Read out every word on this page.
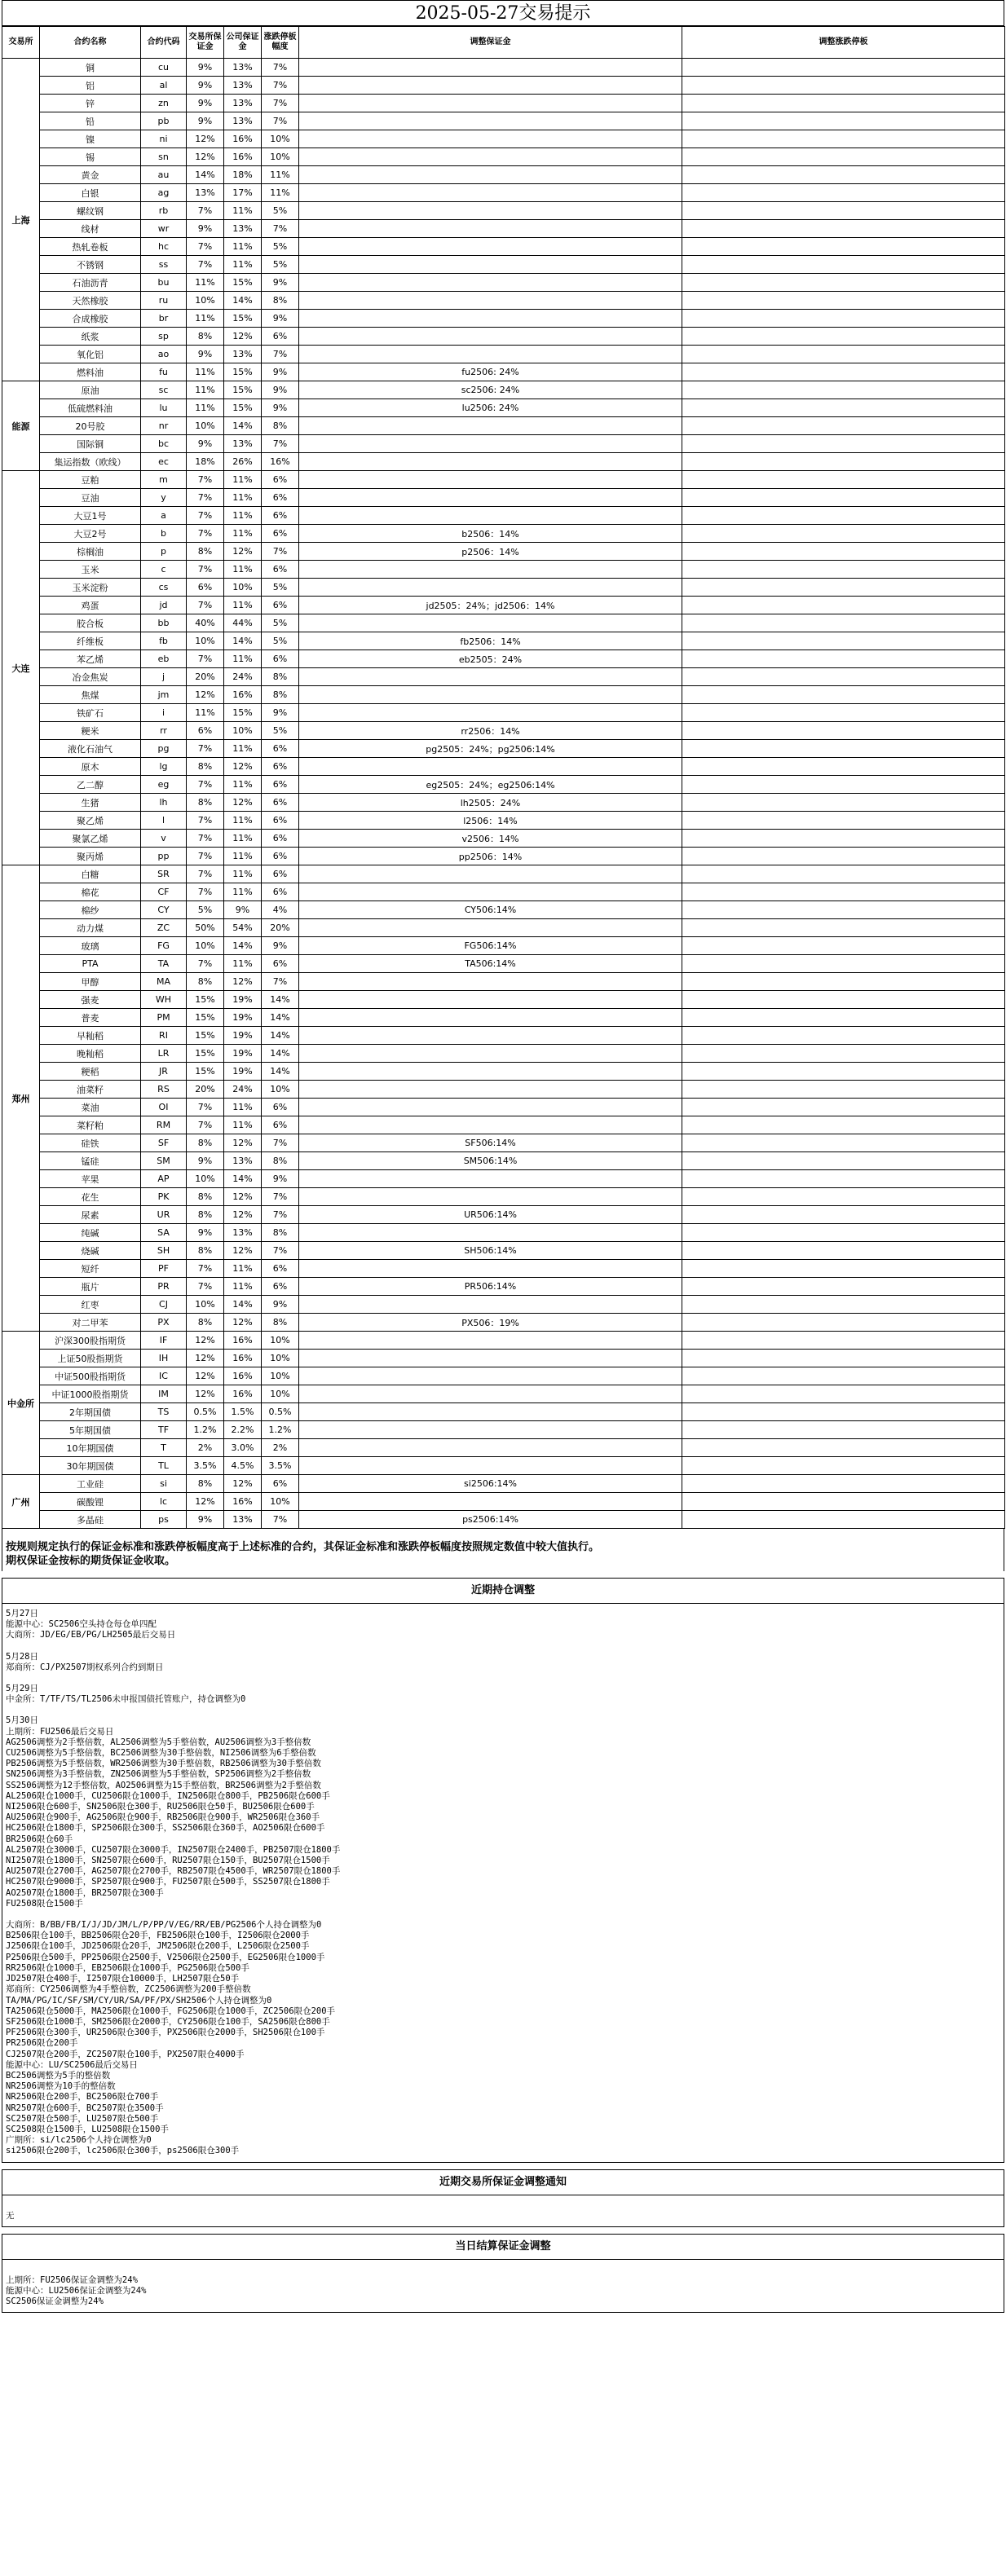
2025-05-27交易提示
交易所	合约名称	合约代码	交易所保证金	公司保证金	涨跌停板幅度	调整保证金	调整涨跌停板
上海	铜	cu	9%	13%	7%		
	铝	al	9%	13%	7%		
	锌	zn	9%	13%	7%		
	铅	pb	9%	13%	7%		
	镍	ni	12%	16%	10%		
	锡	sn	12%	16%	10%		
	黄金	au	14%	18%	11%		
	白银	ag	13%	17%	11%		
	螺纹钢	rb	7%	11%	5%		
	线材	wr	9%	13%	7%		
	热轧卷板	hc	7%	11%	5%		
	不锈钢	ss	7%	11%	5%		
	石油沥青	bu	11%	15%	9%		
	天然橡胶	ru	10%	14%	8%		
	合成橡胶	br	11%	15%	9%		
	纸浆	sp	8%	12%	6%		
	氧化铝	ao	9%	13%	7%		
	燃料油	fu	11%	15%	9%	fu2506: 24%	
能源	原油	sc	11%	15%	9%	sc2506: 24%	
	低硫燃料油	lu	11%	15%	9%	lu2506: 24%	
	20号胶	nr	10%	14%	8%		
	国际铜	bc	9%	13%	7%		
	集运指数（欧线）	ec	18%	26%	16%		
大连	豆粕	m	7%	11%	6%		
	豆油	y	7%	11%	6%		
	大豆1号	a	7%	11%	6%		
	大豆2号	b	7%	11%	6%	b2506：14%	
	棕榈油	p	8%	12%	7%	p2506：14%	
	玉米	c	7%	11%	6%		
	玉米淀粉	cs	6%	10%	5%		
	鸡蛋	jd	7%	11%	6%	jd2505：24%；jd2506：14%	
	胶合板	bb	40%	44%	5%		
	纤维板	fb	10%	14%	5%	fb2506：14%	
	苯乙烯	eb	7%	11%	6%	eb2505：24%	
	冶金焦炭	j	20%	24%	8%		
	焦煤	jm	12%	16%	8%		
	铁矿石	i	11%	15%	9%		
	粳米	rr	6%	10%	5%	rr2506：14%	
	液化石油气	pg	7%	11%	6%	pg2505：24%；pg2506:14%	
	原木	lg	8%	12%	6%		
	乙二醇	eg	7%	11%	6%	eg2505：24%；eg2506:14%	
	生猪	lh	8%	12%	6%	lh2505：24%	
	聚乙烯	l	7%	11%	6%	l2506：14%	
	聚氯乙烯	v	7%	11%	6%	v2506：14%	
	聚丙烯	pp	7%	11%	6%	pp2506：14%	
郑州	白糖	SR	7%	11%	6%		
	棉花	CF	7%	11%	6%		
	棉纱	CY	5%	9%	4%	CY506:14%	
	动力煤	ZC	50%	54%	20%		
	玻璃	FG	10%	14%	9%	FG506:14%	
	PTA	TA	7%	11%	6%	TA506:14%	
	甲醇	MA	8%	12%	7%		
	强麦	WH	15%	19%	14%		
	普麦	PM	15%	19%	14%		
	早籼稻	RI	15%	19%	14%		
	晚籼稻	LR	15%	19%	14%		
	粳稻	JR	15%	19%	14%		
	油菜籽	RS	20%	24%	10%		
	菜油	OI	7%	11%	6%		
	菜籽粕	RM	7%	11%	6%		
	硅铁	SF	8%	12%	7%	SF506:14%	
	锰硅	SM	9%	13%	8%	SM506:14%	
	苹果	AP	10%	14%	9%		
	花生	PK	8%	12%	7%		
	尿素	UR	8%	12%	7%	UR506:14%	
	纯碱	SA	9%	13%	8%		
	烧碱	SH	8%	12%	7%	SH506:14%	
	短纤	PF	7%	11%	6%		
	瓶片	PR	7%	11%	6%	PR506:14%	
	红枣	CJ	10%	14%	9%		
	对二甲苯	PX	8%	12%	8%	PX506：19%	
中金所	沪深300股指期货	IF	12%	16%	10%		
	上证50股指期货	IH	12%	16%	10%		
	中证500股指期货	IC	12%	16%	10%		
	中证1000股指期货	IM	12%	16%	10%		
	2年期国债	TS	0.5%	1.5%	0.5%		
	5年期国债	TF	1.2%	2.2%	1.2%		
	10年期国债	T	2%	3.0%	2%		
	30年期国债	TL	3.5%	4.5%	3.5%		
广州	工业硅	si	8%	12%	6%	si2506:14%	
	碳酸锂	lc	12%	16%	10%		
	多晶硅	ps	9%	13%	7%	ps2506:14%	
按规则规定执行的保证金标准和涨跌停板幅度高于上述标准的合约，其保证金标准和涨跌停板幅度按照规定数值中较大值执行。
期权保证金按标的期货保证金收取。
近期持仓调整
5月27日
能源中心：SC2506空头持仓每仓单四配
大商所：JD/EG/EB/PG/LH2505最后交易日
5月28日
郑商所：CJ/PX2507期权系列合约到期日
5月29日
中金所：T/TF/TS/TL2506未申报国债托管账户，持仓调整为0
5月30日
上期所：FU2506最后交易日
AG2506调整为2手整倍数，AL2506调整为5手整倍数，AU2506调整为3手整倍数
CU2506调整为5手整倍数，BC2506调整为30手整倍数，NI2506调整为6手整倍数
PB2506调整为5手整倍数，WR2506调整为30手整倍数，RB2506调整为30手整倍数
SN2506调整为3手整倍数，ZN2506调整为5手整倍数，SP2506调整为2手整倍数
SS2506调整为12手整倍数，AO2506调整为15手整倍数，BR2506调整为2手整倍数
AL2506限仓1000手，CU2506限仓1000手，IN2506限仓800手，PB2506限仓600手
NI2506限仓600手，SN2506限仓300手，RU2506限仓50手，BU2506限仓600手
AU2506限仓900手，AG2506限仓900手，RB2506限仓900手，WR2506限仓360手
HC2506限仓1800手，SP2506限仓300手，SS2506限仓360手，AO2506限仓600手
BR2506限仓60手
AL2507限仓3000手，CU2507限仓3000手，IN2507限仓2400手，PB2507限仓1800手
NI2507限仓1800手，SN2507限仓600手，RU2507限仓150手，BU2507限仓1500手
AU2507限仓2700手，AG2507限仓2700手，RB2507限仓4500手，WR2507限仓1800手
HC2507限仓9000手，SP2507限仓900手，FU2507限仓500手，SS2507限仓1800手
AO2507限仓1800手，BR2507限仓300手
FU2508限仓1500手
大商所：B/BB/FB/I/J/JD/JM/L/P/PP/V/EG/RR/EB/PG2506个人持仓调整为0
B2506限仓100手，BB2506限仓20手，FB2506限仓100手，I2506限仓2000手
J2506限仓100手，JD2506限仓20手，JM2506限仓200手，L2506限仓2500手
P2506限仓500手，PP2506限仓2500手，V2506限仓2500手，EG2506限仓1000手
RR2506限仓1000手，EB2506限仓1000手，PG2506限仓500手
JD2507限仓400手，I2507限仓10000手，LH2507限仓50手
郑商所：CY2506调整为4手整倍数，ZC2506调整为200手整倍数
TA/MA/PG/IC/SF/SM/CY/UR/SA/PF/PX/SH2506个人持仓调整为0
TA2506限仓5000手，MA2506限仓1000手，FG2506限仓1000手，ZC2506限仓200手
SF2506限仓1000手，SM2506限仓2000手，CY2506限仓100手，SA2506限仓800手
PF2506限仓300手，UR2506限仓300手，PX2506限仓2000手，SH2506限仓100手
PR2506限仓200手
CJ2507限仓200手，ZC2507限仓100手，PX2507限仓4000手
能源中心：LU/SC2506最后交易日
BC2506调整为5手的整倍数
NR2506调整为10手的整倍数
NR2506限仓200手，BC2506限仓700手
NR2507限仓600手，BC2507限仓3500手
SC2507限仓500手，LU2507限仓500手
SC2508限仓1500手，LU2508限仓1500手
广期所：si/lc2506个人持仓调整为0
si2506限仓200手，lc2506限仓300手，ps2506限仓300手
近期交易所保证金调整通知
无
当日结算保证金调整
上期所：FU2506保证金调整为24%
能源中心：LU2506保证金调整为24%
SC2506保证金调整为24%
